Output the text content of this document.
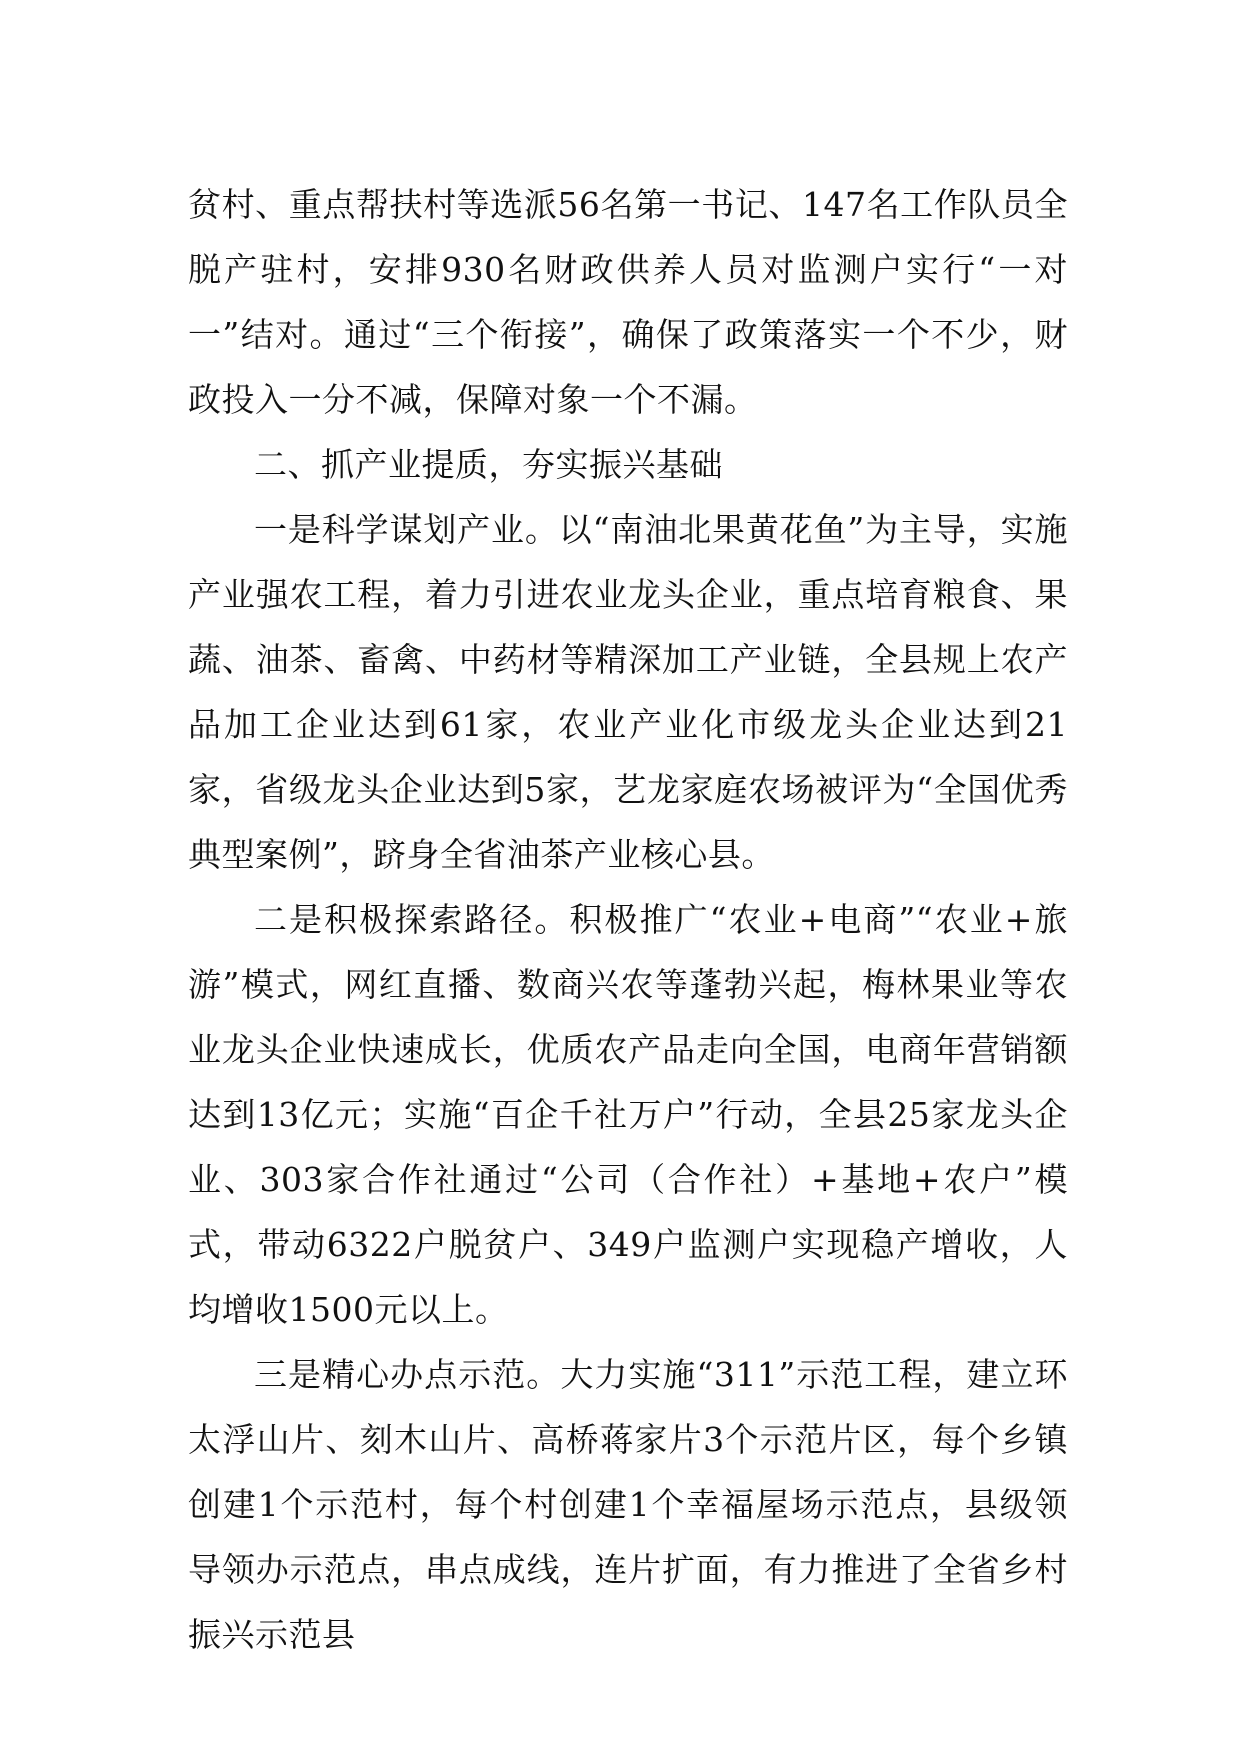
贫村、重点帮扶村等选派56名第一书记、147名工作队员全脱产驻村，安排930名财政供养人员对监测户实行“一对一”结对。通过“三个衔接”，确保了政策落实一个不少，财政投入一分不减，保障对象一个不漏。

二、抓产业提质，夯实振兴基础

一是科学谋划产业。以“南油北果黄花鱼”为主导，实施产业强农工程，着力引进农业龙头企业，重点培育粮食、果蔬、油茶、畜禽、中药材等精深加工产业链，全县规上农产品加工企业达到61家，农业产业化市级龙头企业达到21家，省级龙头企业达到5家，艺龙家庭农场被评为“全国优秀典型案例”，跻身全省油茶产业核心县。

二是积极探索路径。积极推广“农业+电商”“农业+旅游”模式，网红直播、数商兴农等蓬勃兴起，梅林果业等农业龙头企业快速成长，优质农产品走向全国，电商年营销额达到13亿元；实施“百企千社万户”行动，全县25家龙头企业、303家合作社通过“公司（合作社）+基地+农户”模式，带动6322户脱贫户、349户监测户实现稳产增收，人均增收1500元以上。

三是精心办点示范。大力实施“311”示范工程，建立环太浮山片、刻木山片、高桥蒋家片3个示范片区，每个乡镇创建1个示范村，每个村创建1个幸福屋场示范点，县级领导领办示范点，串点成线，连片扩面，有力推进了全省乡村振兴示范县
